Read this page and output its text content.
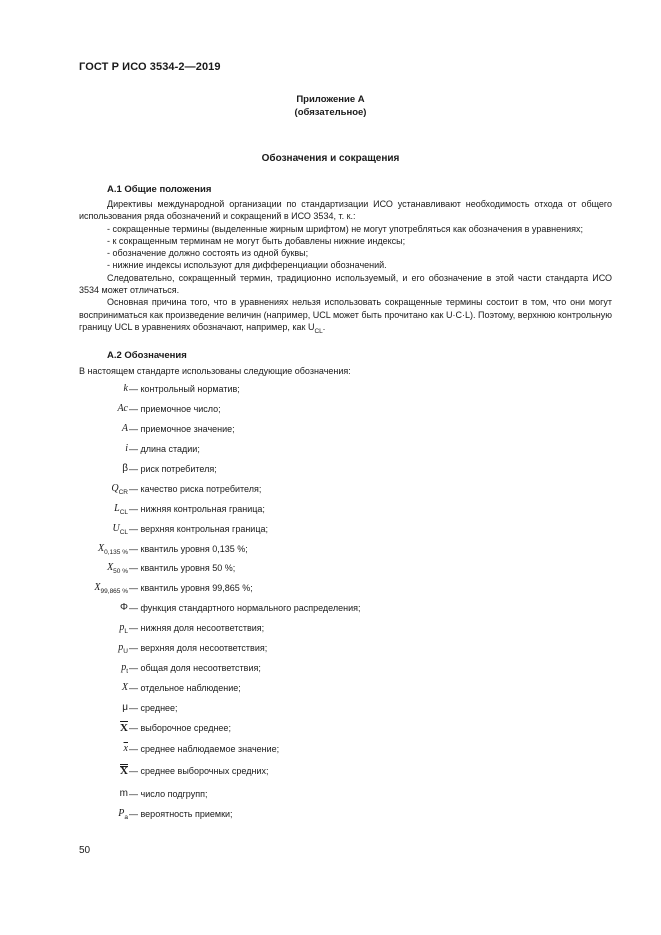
ГОСТ Р ИСО 3534-2—2019
Приложение А
(обязательное)
Обозначения и сокращения
А.1 Общие положения

Директивы международной организации по стандартизации ИСО устанавливают необходимость отхода от общего использования ряда обозначений и сокращений в ИСО 3534, т. к.:

- сокращенные термины (выделенные жирным шрифтом) не могут употребляться как обозначения в уравнениях;

- к сокращенным терминам не могут быть добавлены нижние индексы;

- обозначение должно состоять из одной буквы;

- нижние индексы используют для дифференциации обозначений.

Следовательно, сокращенный термин, традиционно используемый, и его обозначение в этой части стандарта ИСО 3534 может отличаться.

Основная причина того, что в уравнениях нельзя использовать сокращенные термины состоит в том, что они могут восприниматься как произведение величин (например, UCL может быть прочитано как U·C·L). Поэтому, верхнюю контрольную границу UCL в уравнениях обозначают, например, как $U_{CL}$.

А.2 Обозначения
В настоящем стандарте использованы следующие обозначения:
k — контрольный норматив;
Ac — приемочное число;
A — приемочное значение;
i — длина стадии;
β — риск потребителя;
$Q_{CR}$ — качество риска потребителя;
$L_{CL}$ — нижняя контрольная граница;
$U_{CL}$ — верхняя контрольная граница;
$X_{0,135 \%}$ — квантиль уровня 0,135 %;
$X_{50 \%}$ — квантиль уровня 50 %;
$X_{99,865 \%}$ — квантиль уровня 99,865 %;
Φ — функция стандартного нормального распределения;
$p_L$ — нижняя доля несоответствия;
$p_U$ — верхняя доля несоответствия;
$p_t$ — общая доля несоответствия;
X — отдельное наблюдение;
μ — среднее;
$\overline{X}$ — выборочное среднее;
$\overline{x}$ — среднее наблюдаемое значение;
X — среднее выборочных средних;
m — число подгрупп;
$P_a$ — вероятность приемки;
50
